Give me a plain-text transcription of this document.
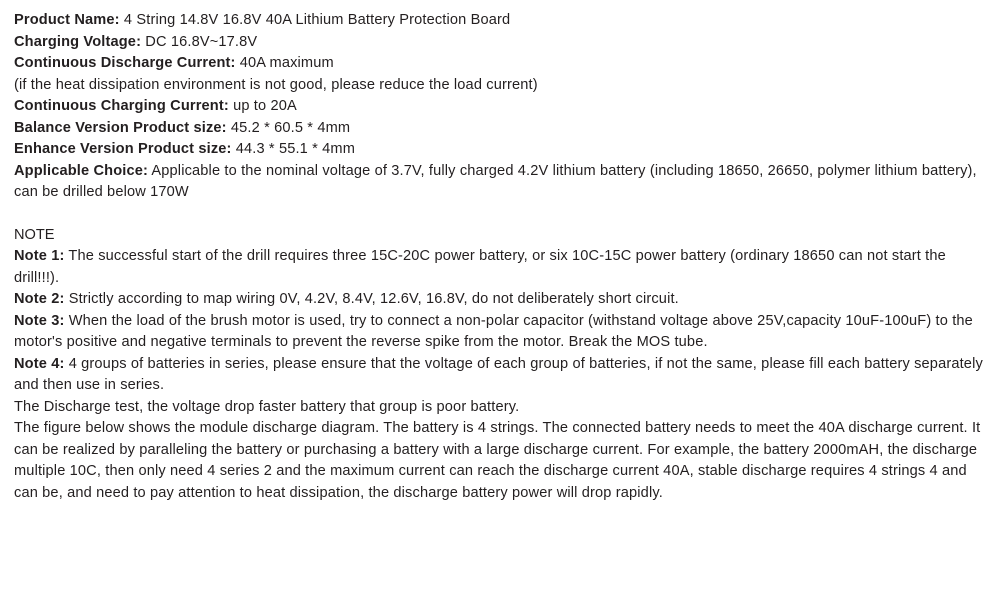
Product Name: 4 String 14.8V 16.8V 40A Lithium Battery Protection Board
Charging Voltage: DC 16.8V~17.8V
Continuous Discharge Current: 40A maximum
(if the heat dissipation environment is not good, please reduce the load current)
Continuous Charging Current: up to 20A
Balance Version Product size: 45.2 * 60.5 * 4mm
Enhance Version Product size: 44.3 * 55.1 * 4mm
Applicable Choice: Applicable to the nominal voltage of 3.7V, fully charged 4.2V lithium battery (including 18650, 26650, polymer lithium battery), can be drilled below 170W
NOTE
Note 1: The successful start of the drill requires three 15C-20C power battery, or six 10C-15C power battery (ordinary 18650 can not start the drill!!!).
Note 2: Strictly according to map wiring 0V, 4.2V, 8.4V, 12.6V, 16.8V, do not deliberately short circuit.
Note 3: When the load of the brush motor is used, try to connect a non-polar capacitor (withstand voltage above 25V,capacity 10uF-100uF) to the motor's positive and negative terminals to prevent the reverse spike from the motor. Break the MOS tube.
Note 4: 4 groups of batteries in series, please ensure that the voltage of each group of batteries, if not the same, please fill each battery separately and then use in series.
The Discharge test, the voltage drop faster battery that group is poor battery.
The figure below shows the module discharge diagram. The battery is 4 strings. The connected battery needs to meet the 40A discharge current. It can be realized by paralleling the battery or purchasing a battery with a large discharge current. For example, the battery 2000mAH, the discharge multiple 10C, then only need 4 series 2 and the maximum current can reach the discharge current 40A, stable discharge requires 4 strings 4 and can be, and need to pay attention to heat dissipation, the discharge battery power will drop rapidly.
